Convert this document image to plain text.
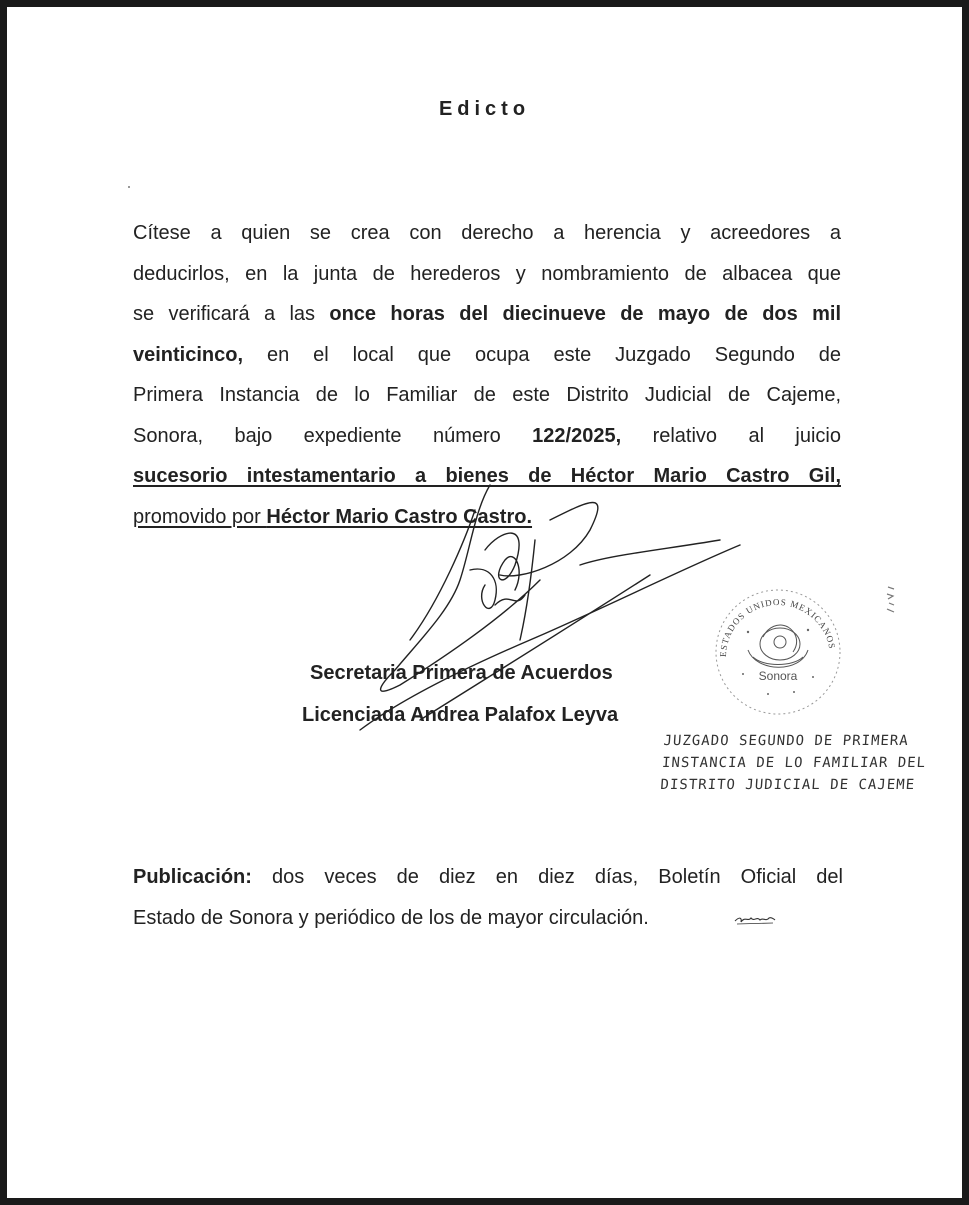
Edicto
Cítese a quien se crea con derecho a herencia y acreedores a
deducirlos, en la junta de herederos y nombramiento de albacea que
se verificará a las once horas del diecinueve de mayo de dos mil
veinticinco, en el local que ocupa este Juzgado Segundo de
Primera Instancia de lo Familiar de este Distrito Judicial de Cajeme,
Sonora, bajo expediente número 122/2025, relativo al juicio
sucesorio intestamentario a bienes de Héctor Mario Castro Gil,
promovido por Héctor Mario Castro Castro.
Secretaria Primera de Acuerdos
Licenciada Andrea Palafox Leyva
ESTADOS UNIDOS MEXICANOS
Sonora
JUZGADO SEGUNDO DE PRIMERA
INSTANCIA DE LO FAMILIAR DEL
DISTRITO JUDICIAL DE CAJEME
Publicación: dos veces de diez en diez días, Boletín Oficial del
Estado de Sonora y periódico de los de mayor circulación.
